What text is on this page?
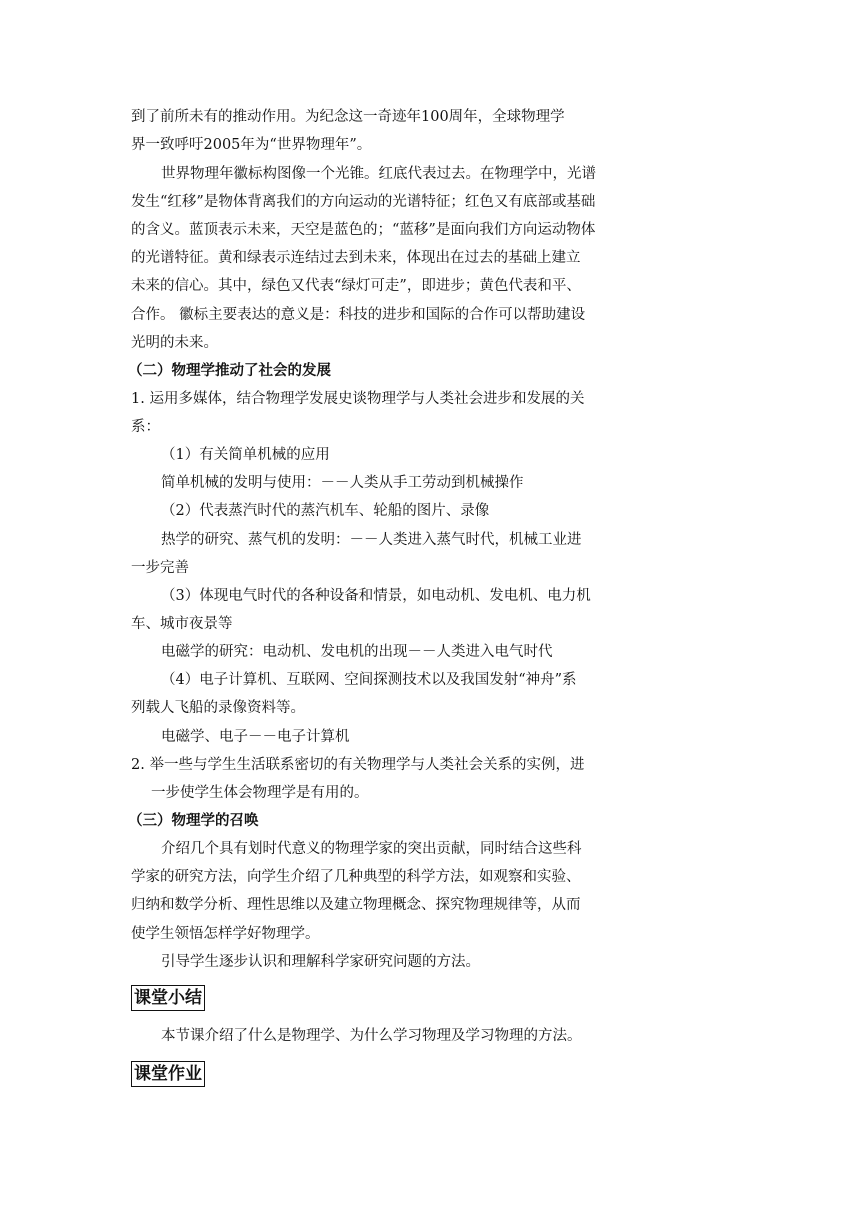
到了前所未有的推动作用。为纪念这一奇迹年100周年，全球物理学
界一致呼吁2005年为“世界物理年”。
世界物理年徽标构图像一个光锥。红底代表过去。在物理学中，光谱
发生“红移”是物体背离我们的方向运动的光谱特征；红色又有底部或基础
的含义。蓝顶表示未来，天空是蓝色的；“蓝移”是面向我们方向运动物体
的光谱特征。黄和绿表示连结过去到未来，体现出在过去的基础上建立
未来的信心。其中，绿色又代表“绿灯可走”，即进步；黄色代表和平、
合作。 徽标主要表达的意义是：科技的进步和国际的合作可以帮助建设
光明的未来。
（二）物理学推动了社会的发展
1. 运用多媒体，结合物理学发展史谈物理学与人类社会进步和发展的关
系：
（1）有关简单机械的应用
简单机械的发明与使用：－－人类从手工劳动到机械操作
（2）代表蒸汽时代的蒸汽机车、轮船的图片、录像
热学的研究、蒸气机的发明：－－人类进入蒸气时代，机械工业进
一步完善
（3）体现电气时代的各种设备和情景，如电动机、发电机、电力机
车、城市夜景等
电磁学的研究：电动机、发电机的出现－－人类进入电气时代
（4）电子计算机、互联网、空间探测技术以及我国发射“神舟”系
列载人飞船的录像资料等。
电磁学、电子－－电子计算机
2. 举一些与学生生活联系密切的有关物理学与人类社会关系的实例，进
一步使学生体会物理学是有用的。
（三）物理学的召唤
介绍几个具有划时代意义的物理学家的突出贡献，同时结合这些科
学家的研究方法，向学生介绍了几种典型的科学方法，如观察和实验、
归纳和数学分析、理性思维以及建立物理概念、探究物理规律等，从而
使学生领悟怎样学好物理学。
引导学生逐步认识和理解科学家研究问题的方法。
课堂小结
本节课介绍了什么是物理学、为什么学习物理及学习物理的方法。
课堂作业
